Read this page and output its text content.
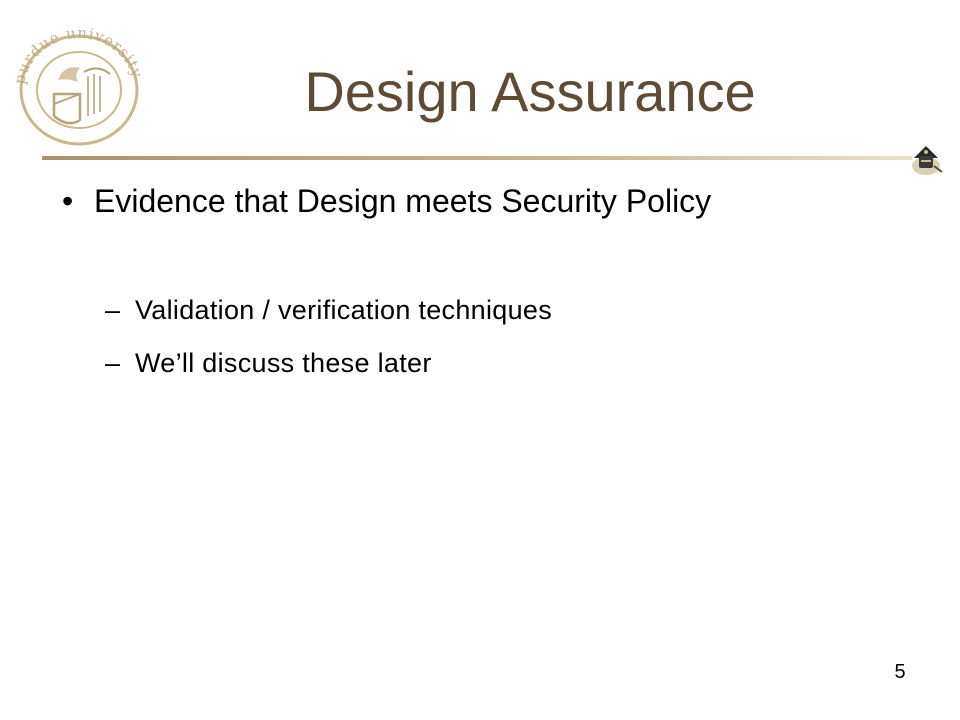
purdue university	Design Assurance
• Evidence that Design meets Security Policy
– Validation / verification techniques
– We’ll discuss these later
5
